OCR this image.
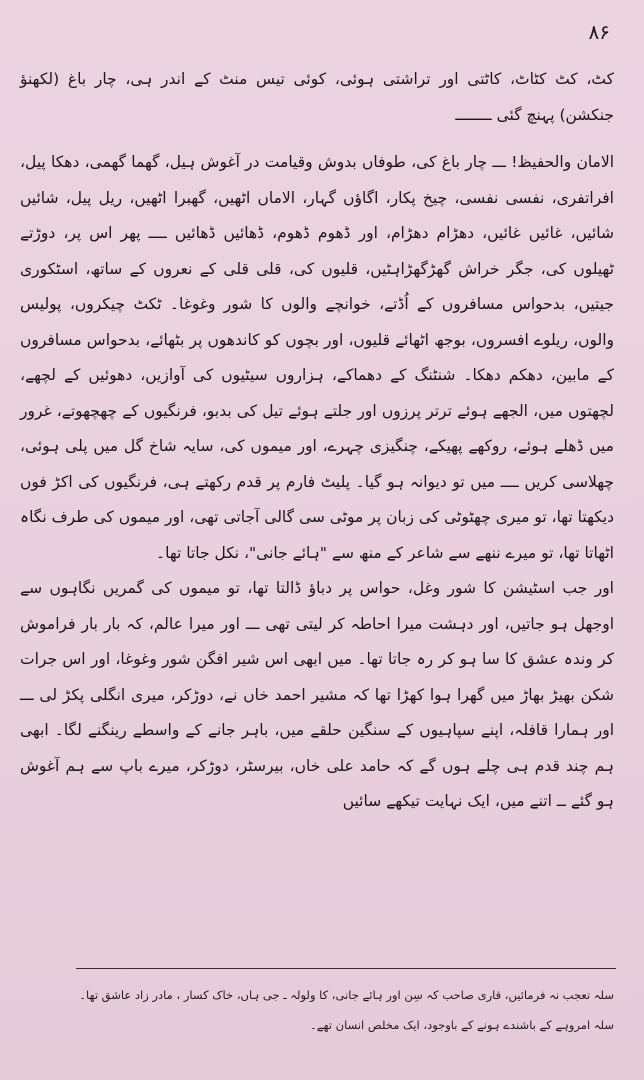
۸۶

کٹ، کٹ کٹاٹ، کاٹتی اور تراشتی ہوئی، کوئی تیس منٹ کے اندر ہی، چار باغ (لکھنؤ جنکشن) پہنچ گئی ــــــــ

الامان والحفیظ! ـــ چار باغ کی، طوفاں بدوش وقیامت در آغوش ہیل، گھما گھمی، دھکا پیل، افراتفری، نفسی نفسی، چیخ پکار، اگاؤں گہار، الاماں اٹھیں، گھبرا اٹھیں، ریل پیل، شائیں شائیں، غائیں غائیں، دھڑام دھڑام، اور ڈھوم ڈھوم، ڈھائیں ڈھائیں ــــ پھر اس پر، دوڑتے ٹھیلوں کی، جگر خراش گھڑگھڑاہٹیں، قلیوں کی، قلی قلی کے نعروں کے ساتھ، اسٹکوری جیتیں، بدحواس مسافروں کے اُڈتے، خوانچے والوں کا شور وغوغا۔ ٹکٹ چیکروں، پولیس والوں، ریلوے افسروں، بوجھ اٹھائے قلیوں، اور بچوں کو کاندھوں پر بٹھائے، بدحواس مسافروں کے مابین، دھکم دھکا۔ شنٹنگ کے دھماکے، ہزاروں سیٹیوں کی آوازیں، دھوئیں کے لچھے، لچھتوں میں، الجھے ہوئے ترتر پرزوں اور جلتے ہوئے تیل کی بدبو، فرنگیوں کے چھچھوتے، غرور میں ڈھلے ہوئے، روکھے پھیکے، چنگیزی چہرے، اور میموں کی، سایہ شاخ گل میں پلی ہوئی، چھلاسی کریں ــــ میں تو دیوانہ ہو گیا۔ پلیٹ فارم پر قدم رکھتے ہی، فرنگیوں کی اکڑ فوں دیکھتا تھا، تو میری چھٹوٹی کی زبان پر موٹی سی گالی آجاتی تھی، اور میموں کی طرف نگاہ اٹھاتا تھا، تو میرے ننھے سے شاعر کے منھ سے "ہائے جانی"، نکل جاتا تھا۔

اور جب اسٹیشن کا شور وغل، حواس پر دباؤ ڈالتا تھا، تو میموں کی گمریں نگاہوں سے اوجھل ہو جاتیں، اور دہشت میرا احاطہ کر لیتی تھی ـــ اور میرا عالم، کہ بار بار فراموش کر وندہ عشق کا سا ہو کر رہ جاتا تھا۔ میں ابھی اس شیر افگن شور وغوغا، اور اس جرات شکن بھیڑ بھاڑ میں گھرا ہوا کھڑا تھا کہ مشیر احمد خاں نے، دوڑکر، میری انگلی پکڑ لی ـــ اور ہمارا قافلہ، اپنے سپاہیوں کے سنگین حلقے میں، باہر جانے کے واسطے رینگنے لگا۔ ابھی ہم چند قدم ہی چلے ہوں گے کہ حامد علی خاں، بیرسٹر، دوڑکر، میرے باپ سے ہم آغوش ہو گئے ــ اتنے میں، ایک نہایت تیکھے سائیں

سلہ تعجب نہ فرمائیں، قاری صاحب کہ سِن اور ہائے جانی، کا ولولہ ـ جی ہاں، خاک کسار ، مادر زاد عاشق تھا۔

سلہ امروہے کے باشندے ہونے کے باوجود، ایک مخلص انسان تھے۔
